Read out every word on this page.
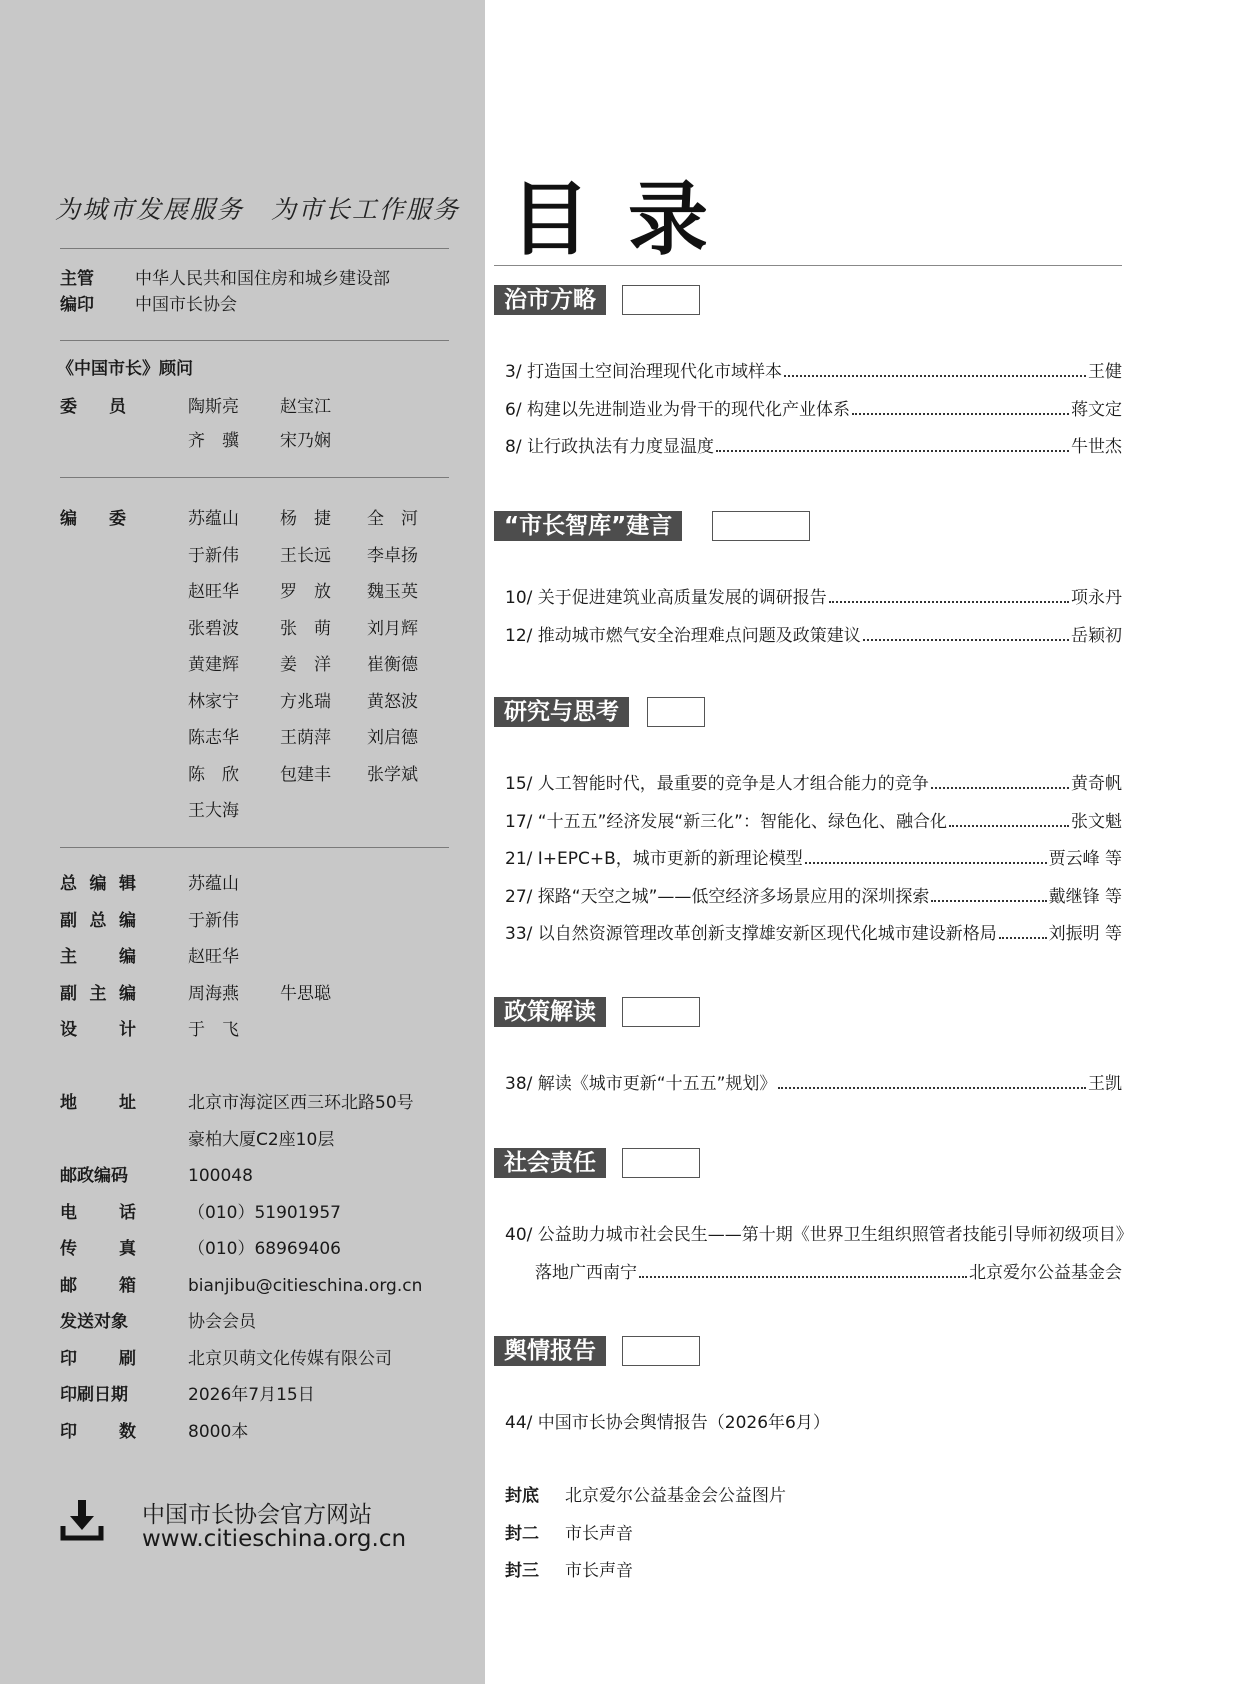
为城市发展服务　为市长工作服务
主管 中华人民共和国住房和城乡建设部
编印 中国市长协会
《中国市长》顾问
委 员	陶斯亮 赵宝江
齐　骥 宋乃娴
编 委	苏蕴山 杨　捷 全　河
于新伟 王长远 李卓扬
赵旺华 罗　放 魏玉英
张碧波 张　萌 刘月辉
黄建辉 姜　洋 崔衡德
林家宁 方兆瑞 黄怒波
陈志华 王荫萍 刘启德
陈　欣 包建丰 张学斌
王大海
总 编 辑	苏蕴山
副 总 编	于新伟
主 编	赵旺华
副 主 编	周海燕 牛思聪
设 计	于　飞
地 址	北京市海淀区西三环北路50号
豪柏大厦C2座10层
邮政编码	100048
电 话	（010）51901957
传 真	（010）68969406
邮 箱	bianjibu@citieschina.org.cn
发送对象	协会会员
印 刷	北京贝萌文化传媒有限公司
印刷日期	2026年7月15日
印 数	8000本
中国市长协会官方网站
www.citieschina.org.cn
目录
治市方略
3/ 打造国土空间治理现代化市域样本	王健
6/ 构建以先进制造业为骨干的现代化产业体系	蒋文定
8/ 让行政执法有力度显温度	牛世杰
“市长智库”建言
10/ 关于促进建筑业高质量发展的调研报告	项永丹
12/ 推动城市燃气安全治理难点问题及政策建议	岳颖初
研究与思考
15/ 人工智能时代，最重要的竞争是人才组合能力的竞争	黄奇帆
17/ “十五五”经济发展“新三化”：智能化、绿色化、融合化	张文魁
21/ I+EPC+B，城市更新的新理论模型	贾云峰 等
27/ 探路“天空之城”——低空经济多场景应用的深圳探索	戴继锋 等
33/ 以自然资源管理改革创新支撑雄安新区现代化城市建设新格局	刘振明 等
政策解读
38/ 解读《城市更新“十五五”规划》	王凯
社会责任
40/ 公益助力城市社会民生——第十期《世界卫生组织照管者技能引导师初级项目》
落地广西南宁	北京爱尔公益基金会
舆情报告
44/ 中国市长协会舆情报告（2026年6月）
封底 北京爱尔公益基金会公益图片
封二 市长声音
封三 市长声音
